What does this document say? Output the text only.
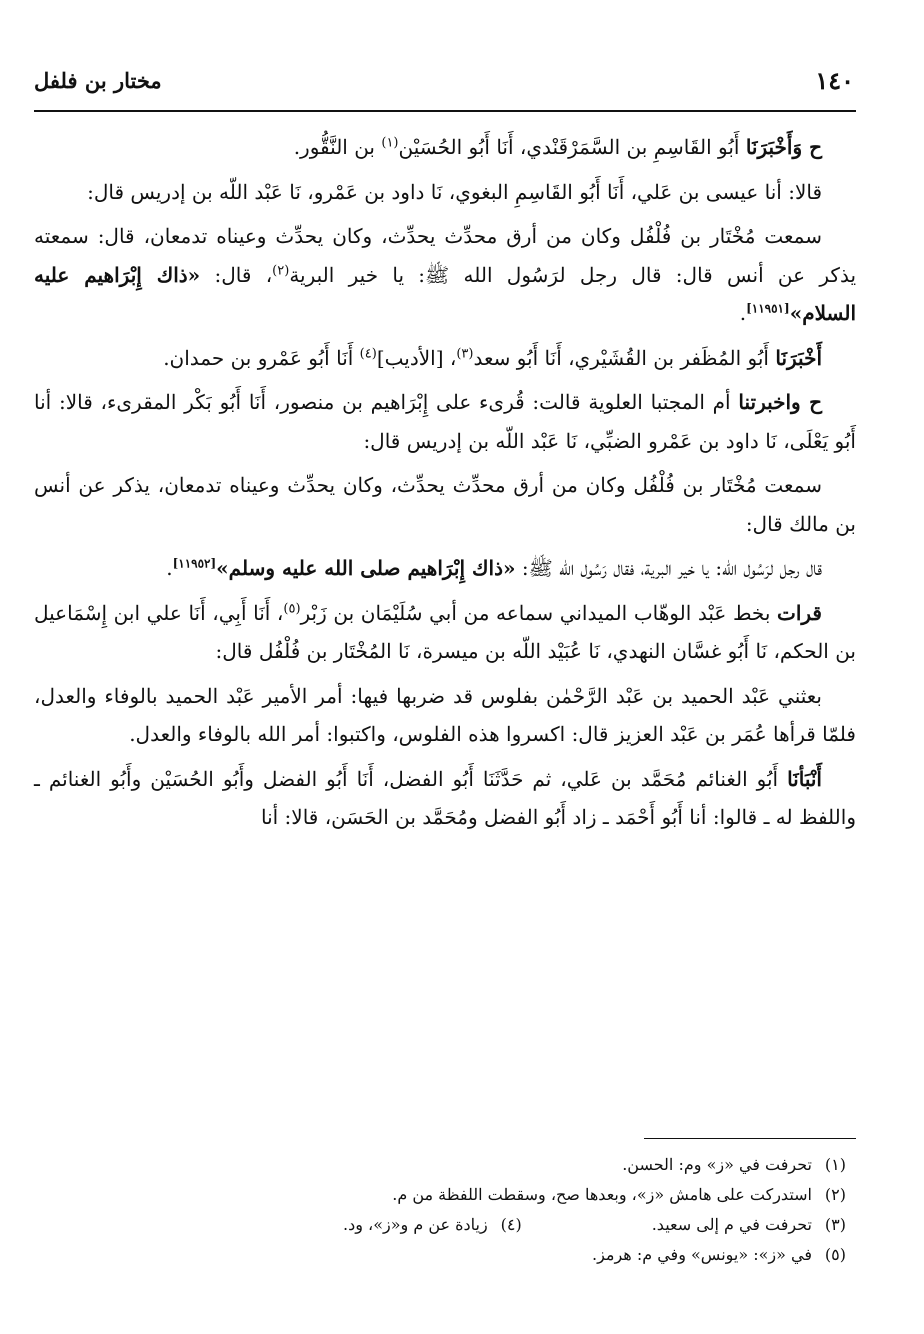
١٤٠
مختار بن فلفل

ح وَأَخْبَرَنَا أَبُو القَاسِمِ بن السَّمَرْقَنْدي، أَنَا أَبُو الحُسَيْن$^{(١)}$ بن النَّقُّور.

قالا: أنا عيسى بن عَلي، أَنَا أَبُو القَاسِمِ البغوي، نَا داود بن عَمْرو، نَا عَبْد اللّه بن إدريس قال:

سمعت مُخْتَار بن فُلْفُل وكان من أرق محدِّث يحدِّث، وكان يحدِّث وعيناه تدمعان، قال: سمعته يذكر عن أنس قال: قال رجل لرَسُول الله ﷺ: يا خير البرية$^{(٢)}$، قال: «ذاك إِبْرَاهيم عليه السلام»[١١٩٥١].

أَخْبَرَنَا أَبُو المُظَفر بن القُشَيْري، أَنَا أَبُو سعد$^{(٣)}$، [الأديب]$^{(٤)}$ أَنَا أَبُو عَمْرو بن حمدان.

ح واخبرتنا أم المجتبا العلوية قالت: قُرىء على إِبْرَاهيم بن منصور، أَنَا أَبُو بَكْر المقرىء، قالا: أنا أَبُو يَعْلَى، نَا داود بن عَمْرو الضبِّي، نَا عَبْد اللّه بن إدريس قال:

سمعت مُخْتَار بن فُلْفُل وكان من أرق محدِّث يحدِّث، وكان يحدِّث وعيناه تدمعان، يذكر عن أنس بن مالك قال:

قال رجل لرَسُول الله: يا خير البرية، فقال رَسُول الله ﷺ: «ذاك إِبْرَاهيم صلى الله عليه وسلم»[١١٩٥٢].

قرات بخط عَبْد الوهّاب الميداني سماعه من أبي سُلَيْمَان بن زَبْر$^{(٥)}$، أَنَا أَبِي، أَنَا علي ابن إِسْمَاعيل بن الحكم، نَا أَبُو غسَّان النهدي، نَا عُبَيْد اللّه بن ميسرة، نَا المُخْتَار بن فُلْفُل قال:

بعثني عَبْد الحميد بن عَبْد الرَّحْمٰن بفلوس قد ضربها فيها: أمر الأمير عَبْد الحميد بالوفاء والعدل، فلمّا قرأها عُمَر بن عَبْد العزيز قال: اكسروا هذه الفلوس، واكتبوا: أمر الله بالوفاء والعدل.

أَنْبَأنَا أَبُو الغنائم مُحَمَّد بن عَلي، ثم حَدَّثَنَا أَبُو الفضل، أَنَا أَبُو الفضل وأَبُو الحُسَيْن وأَبُو الغنائم ـ واللفظ له ـ قالوا: أنا أَبُو أَحْمَد ـ زاد أَبُو الفضل ومُحَمَّد بن الحَسَن، قالا: أنا

(١)
تحرفت في «ز» وم: الحسن.
(٢)
استدركت على هامش «ز»، وبعدها صح، وسقطت اللفظة من م.
(٣)
تحرفت في م إلى سعيد.
(٤)
زيادة عن م و«ز»، ود.
(٥)
في «ز»: «يونس» وفي م: هرمز.
